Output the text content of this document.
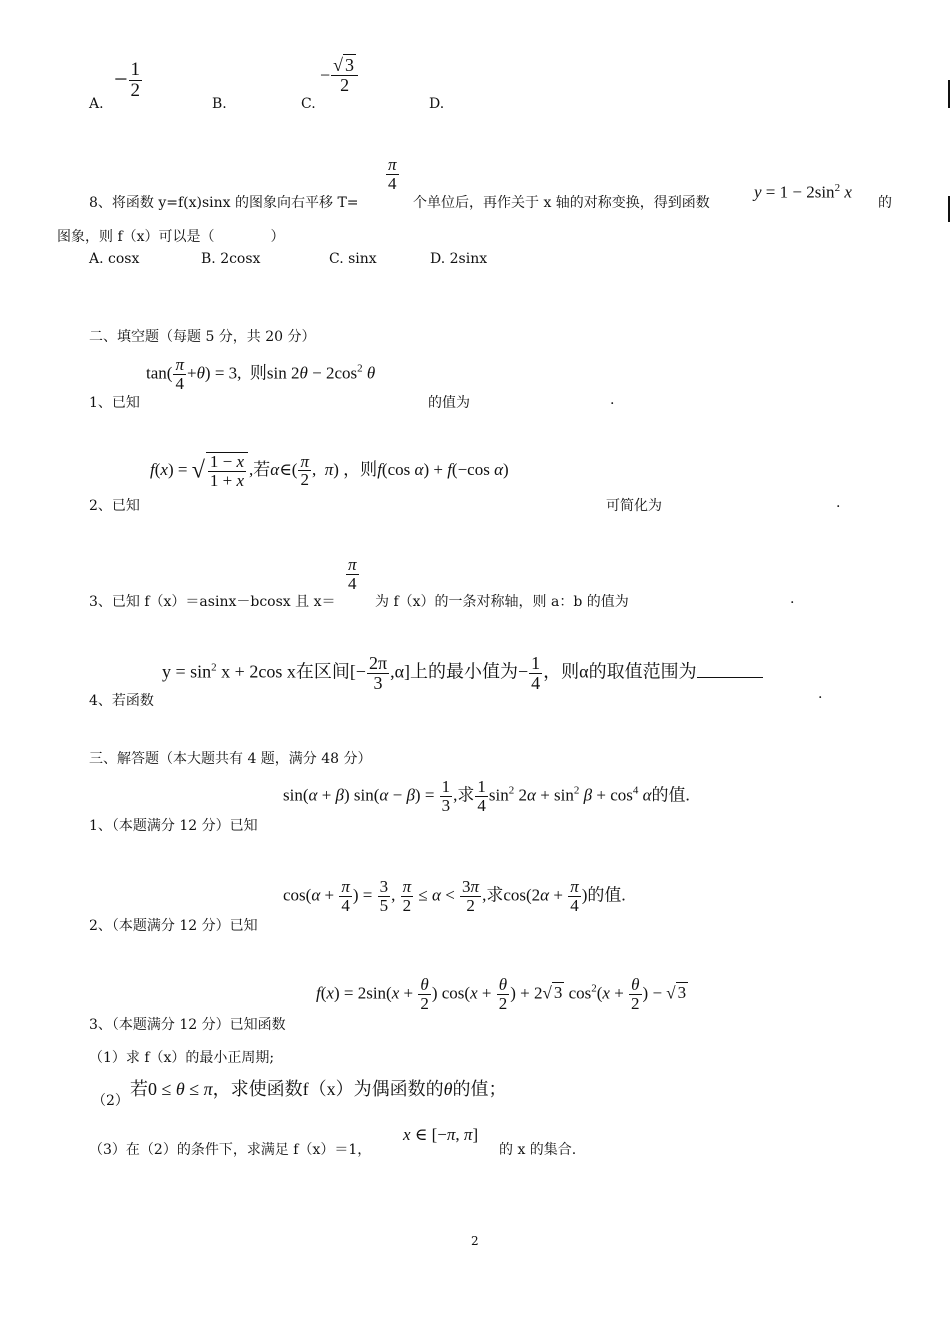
A.
− $\frac{1}{2}$
B.	C.
− $\frac{√ 3}{2}$
D.
$\frac{\pi}{4}$
8、将函数 y=f(x)sinx 的图象向右平移 T=	个单位后，再作关于 x 轴的对称变换，得到函数
$y = 1 - 2\sin^2$ x
的
图象，则 f（x）可以是（　　　　）
A. cosx	B. 2cosx	C. sinx	D. 2sinx
二、填空题（每题 5 分，共 20 分）
$\tan( \frac{\pi}{4} +\theta) = 3$,  则$\sin 2\theta - 2\cos^2$ θ
1、已知	的值为	.
f(x) = √ $\frac{1 - x}{1 + x}$ ,若α∈( $\frac{\pi}{2}$ ,  π) ，则f(cos α) + f(−cos α)
2、已知	可简化为	.
$\frac{\pi}{4}$
3、已知 f（x）＝asinx－bcosx 且 x＝	为 f（x）的一条对称轴，则 a：b 的值为	.
$y = \sin^2 x + 2\cos$ x在区间[− $\frac{2\pi}{3} ,\alpha$]上的最小值为− $\frac{1}{4}$ ，则α的取值范围为
4、若函数	.
三、解答题（本大题共有 4 题，满分 48 分）
sin(α + β) $\sin(\alpha - \beta) = \frac{1}{3}$ ,求 $\frac{1}{4} \sin^2 2\alpha + \sin^2 \beta + \cos^4 \alpha$的值.
1、（本题满分 12 分）已知
$\cos(\alpha + \frac{\pi}{4}$ ) = $\frac{3}{5}$ , $\frac{\pi}{2} \le \alpha < \frac{3\pi}{2}$ ,求$\cos(2\alpha + \frac{\pi}{4}$ )的值.
2、（本题满分 12 分）已知
$f(x) = 2\sin(x + \frac{\theta}{2}$ ) $\cos(x + \frac{\theta}{2}$ ) + 2√ 3 $\cos^2(x + \frac{\theta}{2}$ ) − √ 3
3、（本题满分 12 分）已知函数
（1）求 f（x）的最小正周期;
（2）
若0 ≤ θ ≤ π，求使函数f（x）为偶函数的θ的值；
（3）在（2）的条件下，求满足 f（x）＝1，
x ∈ [−π, π]
的 x 的集合.
2
